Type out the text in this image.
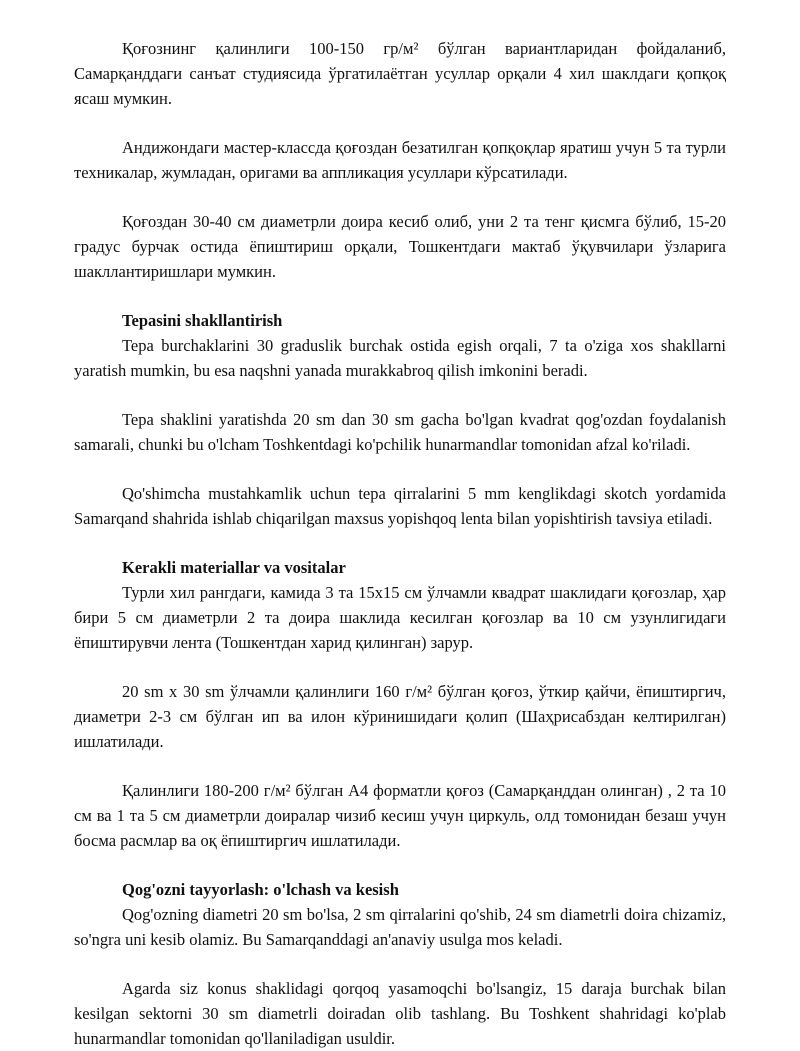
Қоғознинг қалинлиги 100-150 гр/м² бўлган вариантларидан фойдаланиб, Самарқанддаги санъат студиясида ўргатилаётган усуллар орқали 4 хил шаклдаги қопқоқ ясаш мумкин.

Андижондаги мастер-классда қоғоздан безатилган қопқоқлар яратиш учун 5 та турли техникалар, жумладан, оригами ва аппликация усуллари кўрсатилади.

Қоғоздан 30-40 см диаметрли доира кесиб олиб, уни 2 та тенг қисмга бўлиб, 15-20 градус бурчак остида ёпиштириш орқали, Тошкентдаги мактаб ўқувчилари ўзларига шакллантиришлари мумкин.

Tepasini shakllantirish

Tepa burchaklarini 30 graduslik burchak ostida egish orqali, 7 ta o'ziga xos shakllarni yaratish mumkin, bu esa naqshni yanada murakkabroq qilish imkonini beradi.

Tepa shaklini yaratishda 20 sm dan 30 sm gacha bo'lgan kvadrat qog'ozdan foydalanish samarali, chunki bu o'lcham Toshkentdagi ko'pchilik hunarmandlar tomonidan afzal ko'riladi.

Qo'shimcha mustahkamlik uchun tepa qirralarini 5 mm kenglikdagi skotch yordamida Samarqand shahrida ishlab chiqarilgan maxsus yopishqoq lenta bilan yopishtirish tavsiya etiladi.

Kerakli materiallar va vositalar

Турли хил рангдаги, камида 3 та 15x15 см ўлчамли квадрат шаклидаги қоғозлар, ҳар бири 5 см диаметрли 2 та доира шаклида кесилган қоғозлар ва 10 см узунлигидаги ёпиштирувчи лента (Тошкентдан харид қилинган) зарур.

20 sm x 30 sm ўлчамли қалинлиги 160 г/м² бўлган қоғоз, ўткир қайчи, ёпиштиргич, диаметри 2-3 см бўлган ип ва илон кўринишидаги қолип (Шаҳрисабздан келтирилган) ишлатилади.

Қалинлиги 180-200 г/м² бўлган А4 форматли қоғоз (Самарқанддан олинган) , 2 та 10 см ва 1 та 5 см диаметрли доиралар чизиб кесиш учун циркуль, олд томонидан безаш учун босма расмлар ва оқ ёпиштиргич ишлатилади.

Qog'ozni tayyorlash: o'lchash va kesish

Qog'ozning diametri 20 sm bo'lsa, 2 sm qirralarini qo'shib, 24 sm diametrli doira chizamiz, so'ngra uni kesib olamiz. Bu Samarqanddagi an'anaviy usulga mos keladi.

Agarda siz konus shaklidagi qorqoq yasamoqchi bo'lsangiz, 15 daraja burchak bilan kesilgan sektorni 30 sm diametrli doiradan olib tashlang. Bu Toshkent shahridagi ko'plab hunarmandlar tomonidan qo'llaniladigan usuldir.
